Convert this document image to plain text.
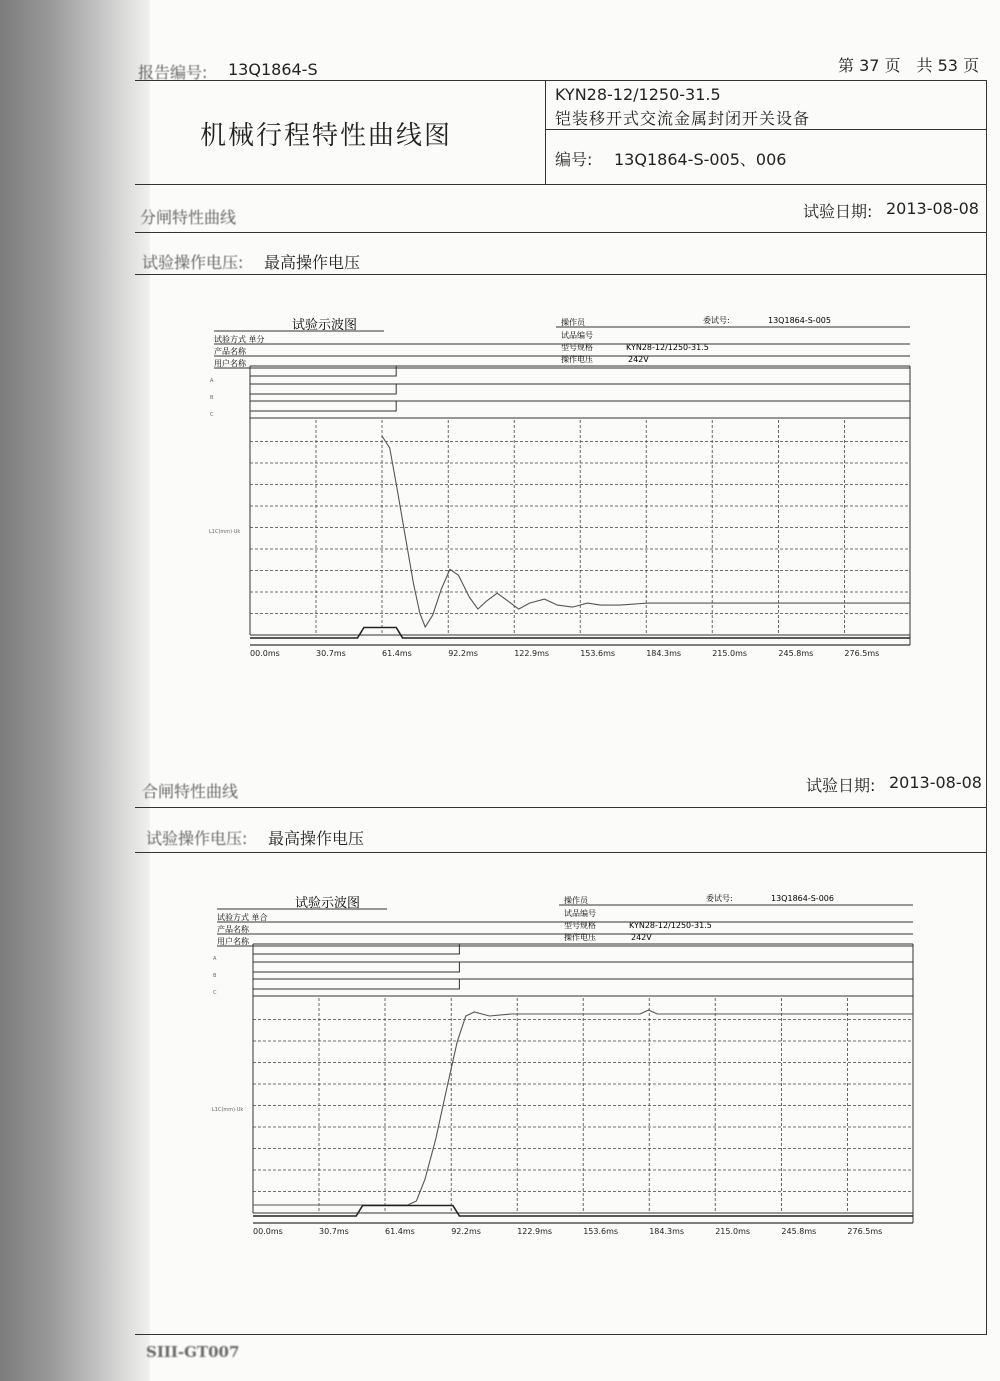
报告编号: 13Q1864-S	第 37 页　共 53 页
机械行程特性曲线图
KYN28-12/1250-31.5
铠装移开式交流金属封闭开关设备
编号: 13Q1864-S-005、006
分闸特性曲线	试验日期: 2013-08-08
试验操作电压: 最高操作电压
试验示波图
试验方式 单分
产品名称
用户名称
操作员
试品编号
型号规格
操作电压
委试号:	13Q1864-S-005
KYN28-12/1250-31.5
242V
A
B
C
L1C(mm)·Uk
00.0ms	30.7ms	61.4ms	92.2ms	122.9ms	153.6ms	184.3ms	215.0ms	245.8ms	276.5ms
合闸特性曲线	试验日期: 2013-08-08
试验操作电压: 最高操作电压
试验示波图
试验方式 单合
产品名称
用户名称
操作员
试品编号
型号规格
操作电压
委试号:	13Q1864-S-006
KYN28-12/1250-31.5
242V
A
B
C
L1C(mm)·Uk
00.0ms	30.7ms	61.4ms	92.2ms	122.9ms	153.6ms	184.3ms	215.0ms	245.8ms	276.5ms
SIII-GT007
